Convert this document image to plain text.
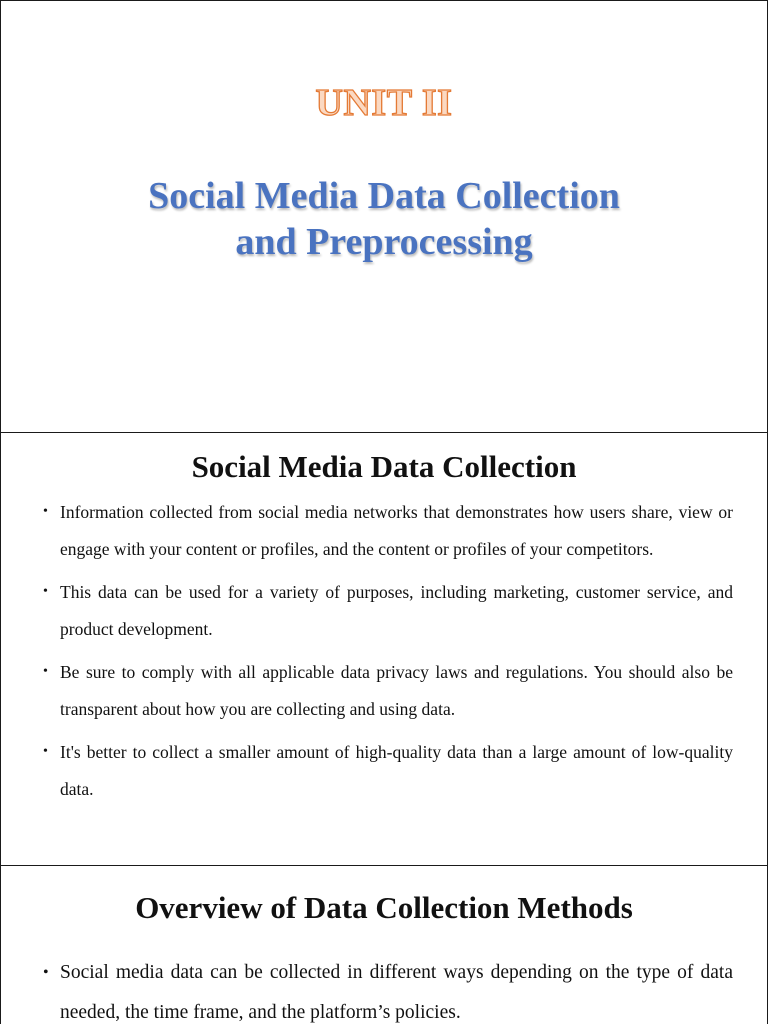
UNIT II
Social Media Data Collection
and Preprocessing
Social Media Data Collection
• Information collected from social media networks that demonstrates how users share, view or engage with your content or profiles, and the content or profiles of your competitors.
• This data can be used for a variety of purposes, including marketing, customer service, and product development.
• Be sure to comply with all applicable data privacy laws and regulations. You should also be transparent about how you are collecting and using data.
• It's better to collect a smaller amount of high-quality data than a large amount of low-quality data.
Overview of Data Collection Methods
• Social media data can be collected in different ways depending on the type of data needed, the time frame, and the platform’s policies.
